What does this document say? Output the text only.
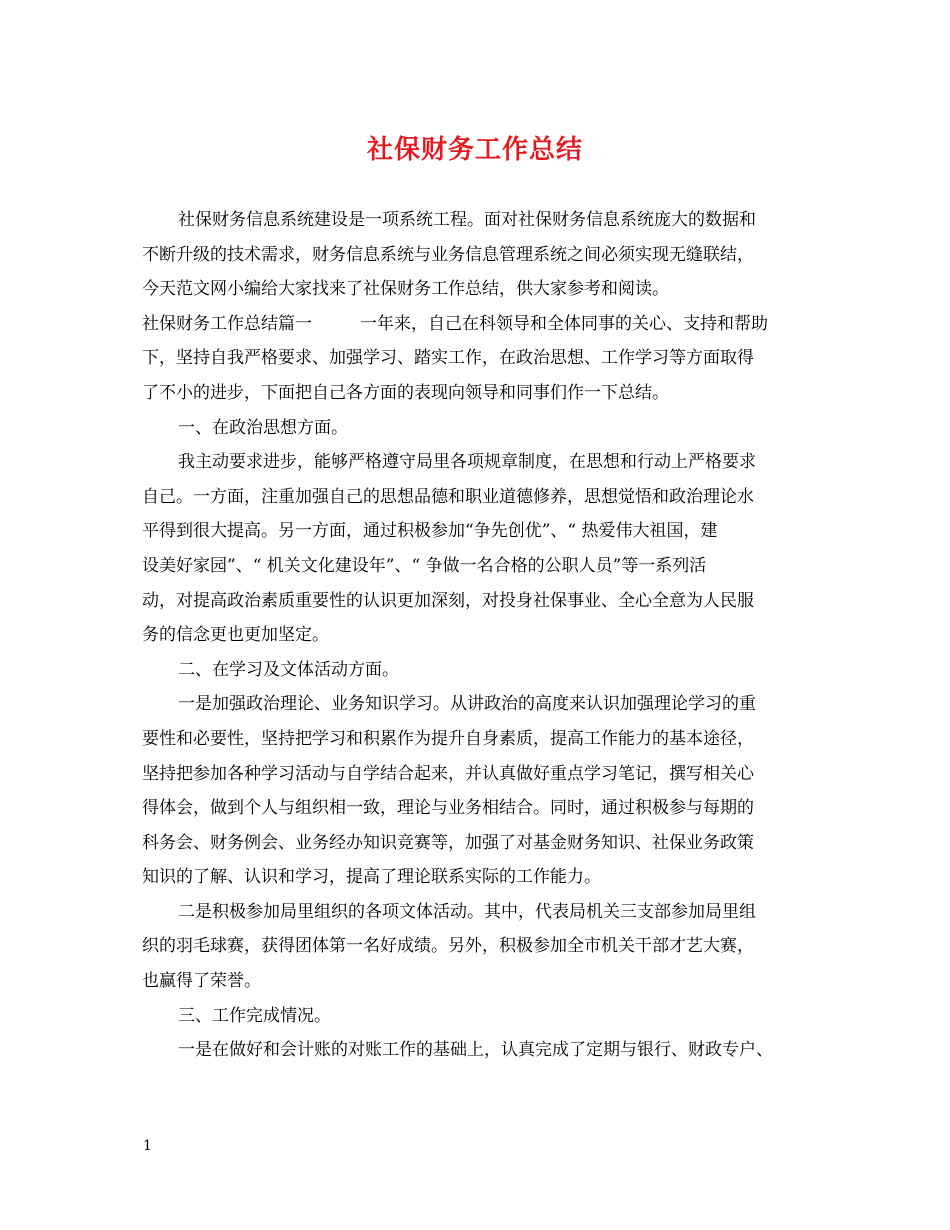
社保财务工作总结
社保财务信息系统建设是一项系统工程。面对社保财务信息系统庞大的数据和
不断升级的技术需求，财务信息系统与业务信息管理系统之间必须实现无缝联结，
今天范文网小编给大家找来了社保财务工作总结，供大家参考和阅读。
社保财务工作总结篇一	一年来，自己在科领导和全体同事的关心、支持和帮助
下，坚持自我严格要求、加强学习、踏实工作，在政治思想、工作学习等方面取得
了不小的进步，下面把自己各方面的表现向领导和同事们作一下总结。
一、在政治思想方面。
我主动要求进步，能够严格遵守局里各项规章制度，在思想和行动上严格要求
自己。一方面，注重加强自己的思想品德和职业道德修养，思想觉悟和政治理论水
平得到很大提高。另一方面，通过积极参加“争先创优”、“ 热爱伟大祖国，建
设美好家园”、“ 机关文化建设年”、“ 争做一名合格的公职人员”等一系列活
动，对提高政治素质重要性的认识更加深刻，对投身社保事业、全心全意为人民服
务的信念更也更加坚定。
二、在学习及文体活动方面。
一是加强政治理论、业务知识学习。从讲政治的高度来认识加强理论学习的重
要性和必要性，坚持把学习和积累作为提升自身素质，提高工作能力的基本途径，
坚持把参加各种学习活动与自学结合起来，并认真做好重点学习笔记，撰写相关心
得体会，做到个人与组织相一致，理论与业务相结合。同时，通过积极参与每期的
科务会、财务例会、业务经办知识竞赛等，加强了对基金财务知识、社保业务政策
知识的了解、认识和学习，提高了理论联系实际的工作能力。
二是积极参加局里组织的各项文体活动。其中，代表局机关三支部参加局里组
织的羽毛球赛，获得团体第一名好成绩。另外，积极参加全市机关干部才艺大赛，
也赢得了荣誉。
三、工作完成情况。
一是在做好和会计账的对账工作的基础上，认真完成了定期与银行、财政专户、
1
